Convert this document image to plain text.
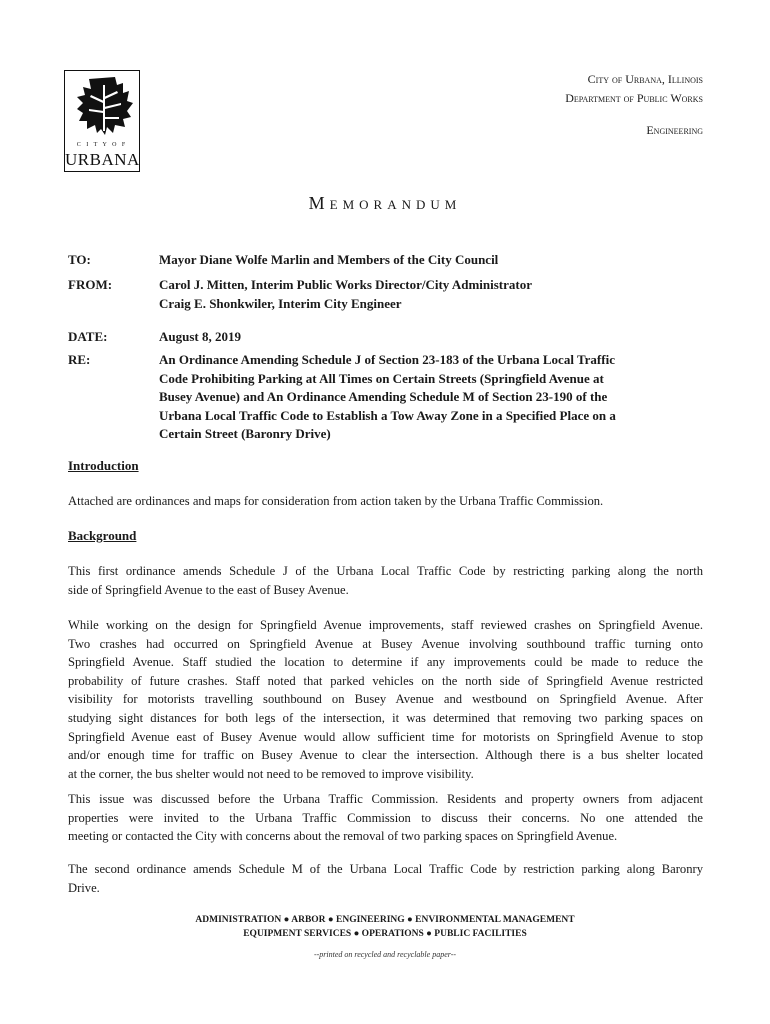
C I T Y O F
URBANA
City of Urbana, Illinois
Department of Public Works
Engineering
Memorandum
TO:	Mayor Diane Wolfe Marlin and Members of the City Council
FROM:	Carol J. Mitten, Interim Public Works Director/City Administrator
Craig E. Shonkwiler, Interim City Engineer
DATE:	August 8, 2019
RE:	An Ordinance Amending Schedule J of Section 23-183 of the Urbana Local Traffic
Code Prohibiting Parking at All Times on Certain Streets (Springfield Avenue at
Busey Avenue) and An Ordinance Amending Schedule M of Section 23-190 of the
Urbana Local Traffic Code to Establish a Tow Away Zone in a Specified Place on a
Certain Street (Baronry Drive)
Introduction
Attached are ordinances and maps for consideration from action taken by the Urbana Traffic Commission.
Background
This first ordinance amends Schedule J of the Urbana Local Traffic Code by restricting parking along the north
side of Springfield Avenue to the east of Busey Avenue.
While working on the design for Springfield Avenue improvements, staff reviewed crashes on Springfield Avenue.
Two crashes had occurred on Springfield Avenue at Busey Avenue involving southbound traffic turning onto
Springfield Avenue. Staff studied the location to determine if any improvements could be made to reduce the
probability of future crashes. Staff noted that parked vehicles on the north side of Springfield Avenue restricted
visibility for motorists travelling southbound on Busey Avenue and westbound on Springfield Avenue. After
studying sight distances for both legs of the intersection, it was determined that removing two parking spaces on
Springfield Avenue east of Busey Avenue would allow sufficient time for motorists on Springfield Avenue to stop
and/or enough time for traffic on Busey Avenue to clear the intersection. Although there is a bus shelter located
at the corner, the bus shelter would not need to be removed to improve visibility.
This issue was discussed before the Urbana Traffic Commission. Residents and property owners from adjacent
properties were invited to the Urbana Traffic Commission to discuss their concerns. No one attended the
meeting or contacted the City with concerns about the removal of two parking spaces on Springfield Avenue.
The second ordinance amends Schedule M of the Urbana Local Traffic Code by restriction parking along Baronry
Drive.
ADMINISTRATION ● ARBOR ● ENGINEERING ● ENVIRONMENTAL MANAGEMENT
EQUIPMENT SERVICES ● OPERATIONS ● PUBLIC FACILITIES
--printed on recycled and recyclable paper--
